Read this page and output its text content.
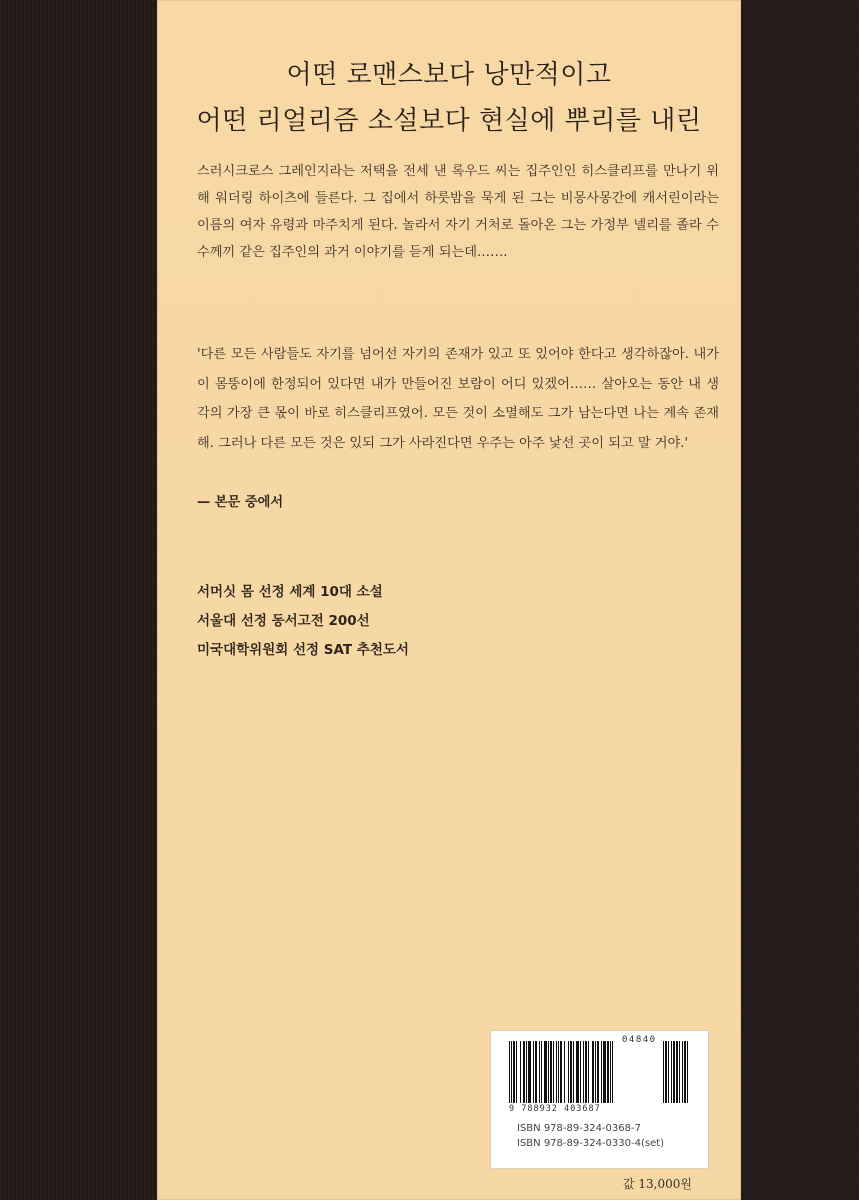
어떤 로맨스보다 낭만적이고
어떤 리얼리즘 소설보다 현실에 뿌리를 내린
스러시크로스 그레인지라는 저택을 전세 낸 록우드 씨는 집주인인 히스클리프를 만나기 위해 워더링 하이츠에 들른다. 그 집에서 하룻밤을 묵게 된 그는 비몽사몽간에 캐서린이라는 이름의 여자 유령과 마주치게 된다. 놀라서 자기 거처로 돌아온 그는 가정부 넬리를 졸라 수수께끼 같은 집주인의 과거 이야기를 듣게 되는데…….
'다른 모든 사람들도 자기를 넘어선 자기의 존재가 있고 또 있어야 한다고 생각하잖아. 내가 이 몸뚱이에 한정되어 있다면 내가 만들어진 보람이 어디 있겠어…… 살아오는 동안 내 생각의 가장 큰 몫이 바로 히스클리프였어. 모든 것이 소멸해도 그가 남는다면 나는 계속 존재해. 그러나 다른 모든 것은 있되 그가 사라진다면 우주는 아주 낯선 곳이 되고 말 거야.'
— 본문 중에서
서머싯 몸 선정 세계 10대 소설
서울대 선정 동서고전 200선
미국대학위원회 선정 SAT 추천도서
04840
9 788932 403687
ISBN 978-89-324-0368-7
ISBN 978-89-324-0330-4(set)
값 13,000원
